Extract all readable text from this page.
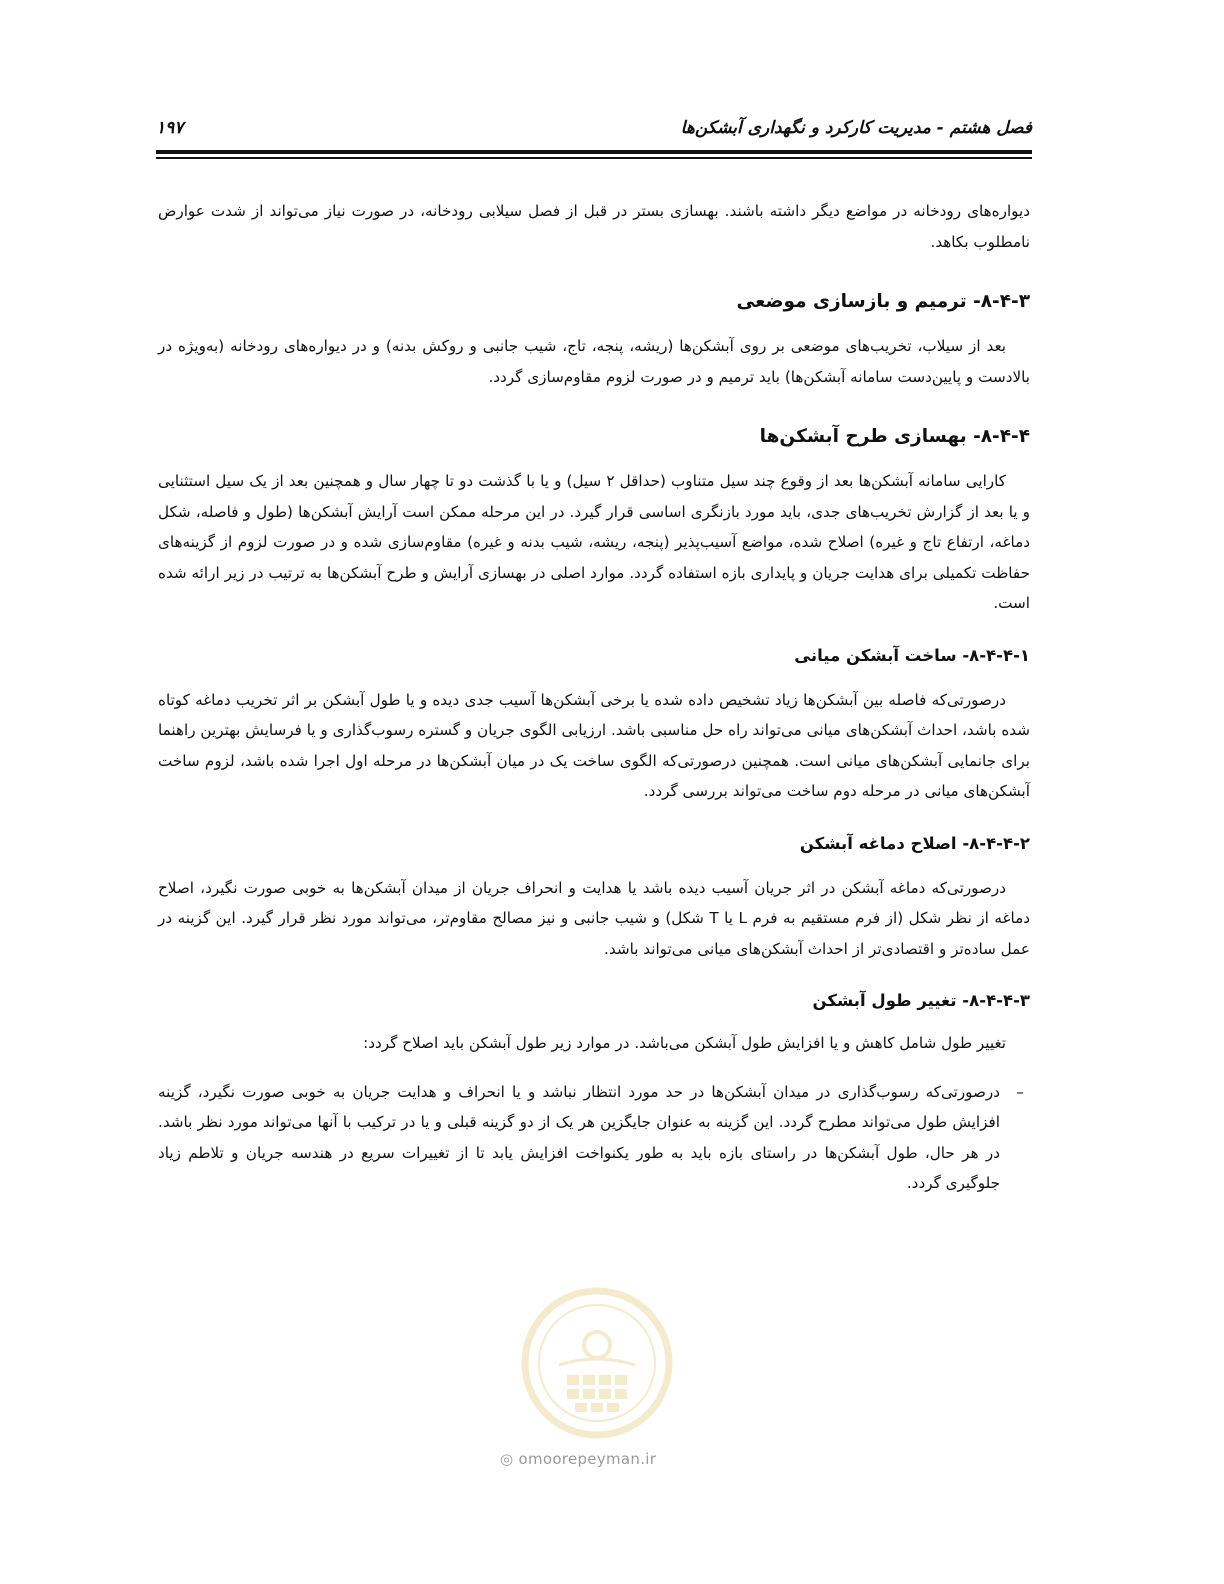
فصل هشتم - مدیریت کارکرد و نگهداری آبشکن‌ها
۱۹۷

دیواره‌های رودخانه در مواضع دیگر داشته باشند. بهسازی بستر در قبل از فصل سیلابی رودخانه، در صورت نیاز می‌تواند از شدت عوارض نامطلوب بکاهد.

۸-۴-۳- ترمیم و بازسازی موضعی

بعد از سیلاب، تخریب‌های موضعی بر روی آبشکن‌ها (ریشه، پنجه، تاج، شیب جانبی و روکش بدنه) و در دیواره‌های رودخانه (به‌ویژه در بالادست و پایین‌دست سامانه آبشکن‌ها) باید ترمیم و در صورت لزوم مقاوم‌سازی گردد.

۸-۴-۴- بهسازی طرح آبشکن‌ها

کارایی سامانه آبشکن‌ها بعد از وقوع چند سیل متناوب (حداقل ۲ سیل) و یا با گذشت دو تا چهار سال و همچنین بعد از یک سیل استثنایی و یا بعد از گزارش تخریب‌های جدی، باید مورد بازنگری اساسی قرار گیرد. در این مرحله ممکن است آرایش آبشکن‌ها (طول و فاصله، شکل دماغه، ارتفاع تاج و غیره) اصلاح شده، مواضع آسیب‌پذیر (پنجه، ریشه، شیب بدنه و غیره) مقاوم‌سازی شده و در صورت لزوم از گزینه‌های حفاظت تکمیلی برای هدایت جریان و پایداری بازه استفاده گردد. موارد اصلی در بهسازی آرایش و طرح آبشکن‌ها به ترتیب در زیر ارائه شده است.

۸-۴-۴-۱- ساخت آبشکن میانی

درصورتی‌که فاصله بین آبشکن‌ها زیاد تشخیص داده شده یا برخی آبشکن‌ها آسیب جدی دیده و یا طول آبشکن بر اثر تخریب دماغه کوتاه شده باشد، احداث آبشکن‌های میانی می‌تواند راه حل مناسبی باشد. ارزیابی الگوی جریان و گستره رسوب‌گذاری و یا فرسایش بهترین راهنما برای جانمایی آبشکن‌های میانی است. همچنین درصورتی‌که الگوی ساخت یک در میان آبشکن‌ها در مرحله اول اجرا شده باشد، لزوم ساخت آبشکن‌های میانی در مرحله دوم ساخت می‌تواند بررسی گردد.

۸-۴-۴-۲- اصلاح دماغه آبشکن

درصورتی‌که دماغه آبشکن در اثر جریان آسیب دیده باشد یا هدایت و انحراف جریان از میدان آبشکن‌ها به خوبی صورت نگیرد، اصلاح دماغه از نظر شکل (از فرم مستقیم به فرم L یا T شکل) و شیب جانبی و نیز مصالح مقاوم‌تر، می‌تواند مورد نظر قرار گیرد. این گزینه در عمل ساده‌تر و اقتصادی‌تر از احداث آبشکن‌های میانی می‌تواند باشد.

۸-۴-۴-۳- تغییر طول آبشکن

تغییر طول شامل کاهش و یا افزایش طول آبشکن می‌باشد. در موارد زیر طول آبشکن باید اصلاح گردد:

–

درصورتی‌که رسوب‌گذاری در میدان آبشکن‌ها در حد مورد انتظار نباشد و یا انحراف و هدایت جریان به خوبی صورت نگیرد، گزینه افزایش طول می‌تواند مطرح گردد. این گزینه به عنوان جایگزین هر یک از دو گزینه قبلی و یا در ترکیب با آنها می‌تواند مورد نظر باشد. در هر حال، طول آبشکن‌ها در راستای بازه باید به طور یکنواخت افزایش یابد تا از تغییرات سریع در هندسه جریان و تلاطم زیاد جلوگیری گردد.

◎ omoorepeyman.ir
